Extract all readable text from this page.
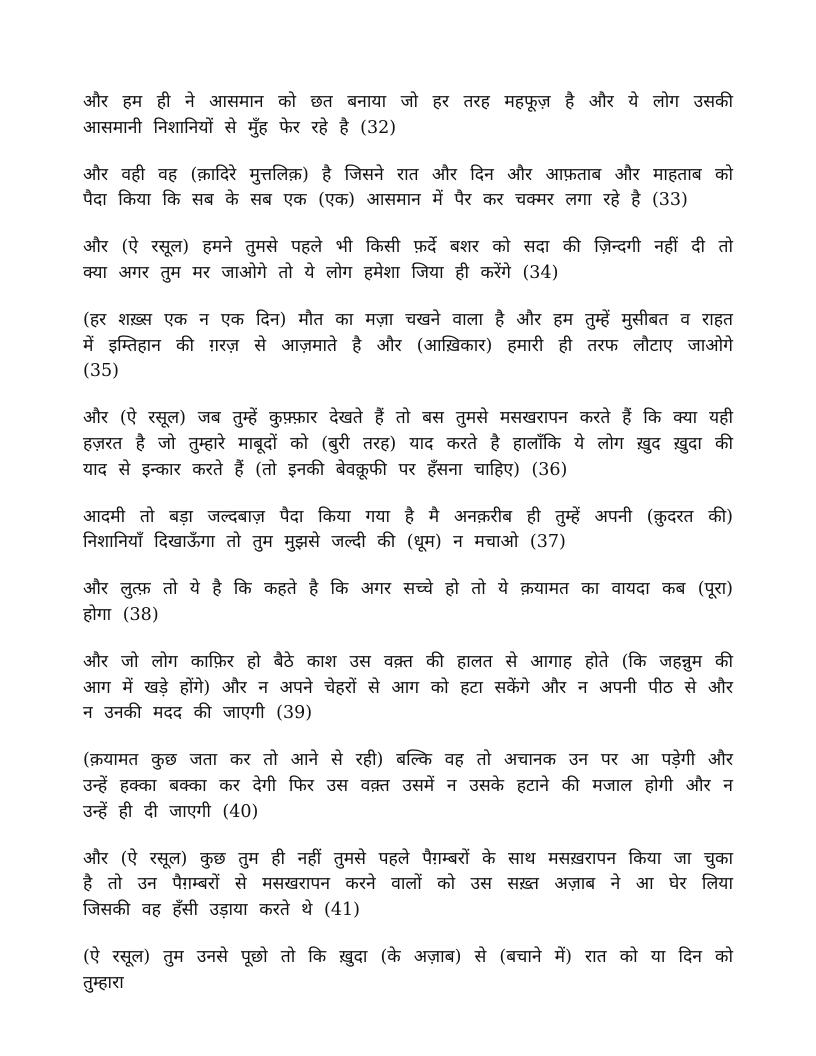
और हम ही ने आसमान को छत बनाया जो हर तरह महफूज़ है और ये लोग उसकी आसमानी निशानियों से मुँह फेर रहे है (32)

और वही वह (क़ादिरे मुत्तलिक़) है जिसने रात और दिन और आफ़ताब और माहताब को पैदा किया कि सब के सब एक (एक) आसमान में पैर कर चक्मर लगा रहे है (33)

और (ऐ रसूल) हमने तुमसे पहले भी किसी फ़र्दे बशर को सदा की ज़िन्दगी नहीं दी तो क्या अगर तुम मर जाओगे तो ये लोग हमेशा जिया ही करेंगे (34)

(हर शख़्स एक न एक दिन) मौत का मज़ा चखने वाला है और हम तुम्हें मुसीबत व राहत में इम्तिहान की ग़रज़ से आज़माते है और (आख़िकार) हमारी ही तरफ लौटाए जाओगे (35)

और (ऐ रसूल) जब तुम्हें कुफ़्फ़ार देखते हैं तो बस तुमसे मसखरापन करते हैं कि क्या यही हज़रत है जो तुम्हारे माबूदों को (बुरी तरह) याद करते है हालाँकि ये लोग ख़ुद ख़ुदा की याद से इन्कार करते हैं (तो इनकी बेवक़ूफी पर हँसना चाहिए) (36)

आदमी तो बड़ा जल्दबाज़ पैदा किया गया है मै अनक़रीब ही तुम्हें अपनी (क़ुदरत की) निशानियाँ दिखाऊँगा तो तुम मुझसे जल्दी की (धूम) न मचाओ (37)

और लुत्फ़ तो ये है कि कहते है कि अगर सच्चे हो तो ये क़यामत का वायदा कब (पूरा) होगा (38)

और जो लोग काफ़िर हो बैठे काश उस वक़्त की हालत से आगाह होते (कि जहन्नुम की आग में खड़े होंगे) और न अपने चेहरों से आग को हटा सकेंगे और न अपनी पीठ से और न उनकी मदद की जाएगी (39)

(क़यामत कुछ जता कर तो आने से रही) बल्कि वह तो अचानक उन पर आ पड़ेगी और उन्हें हक्का बक्का कर देगी फिर उस वक़्त उसमें न उसके हटाने की मजाल होगी और न उन्हें ही दी जाएगी (40)

और (ऐ रसूल) कुछ तुम ही नहीं तुमसे पहले पैग़म्बरों के साथ मसख़रापन किया जा चुका है तो उन पैग़म्बरों से मसखरापन करने वालों को उस सख़्त अज़ाब ने आ घेर लिया जिसकी वह हँसी उड़ाया करते थे (41)

(ऐ रसूल) तुम उनसे पूछो तो कि ख़ुदा (के अज़ाब) से (बचाने में) रात को या दिन को तुम्हारा
